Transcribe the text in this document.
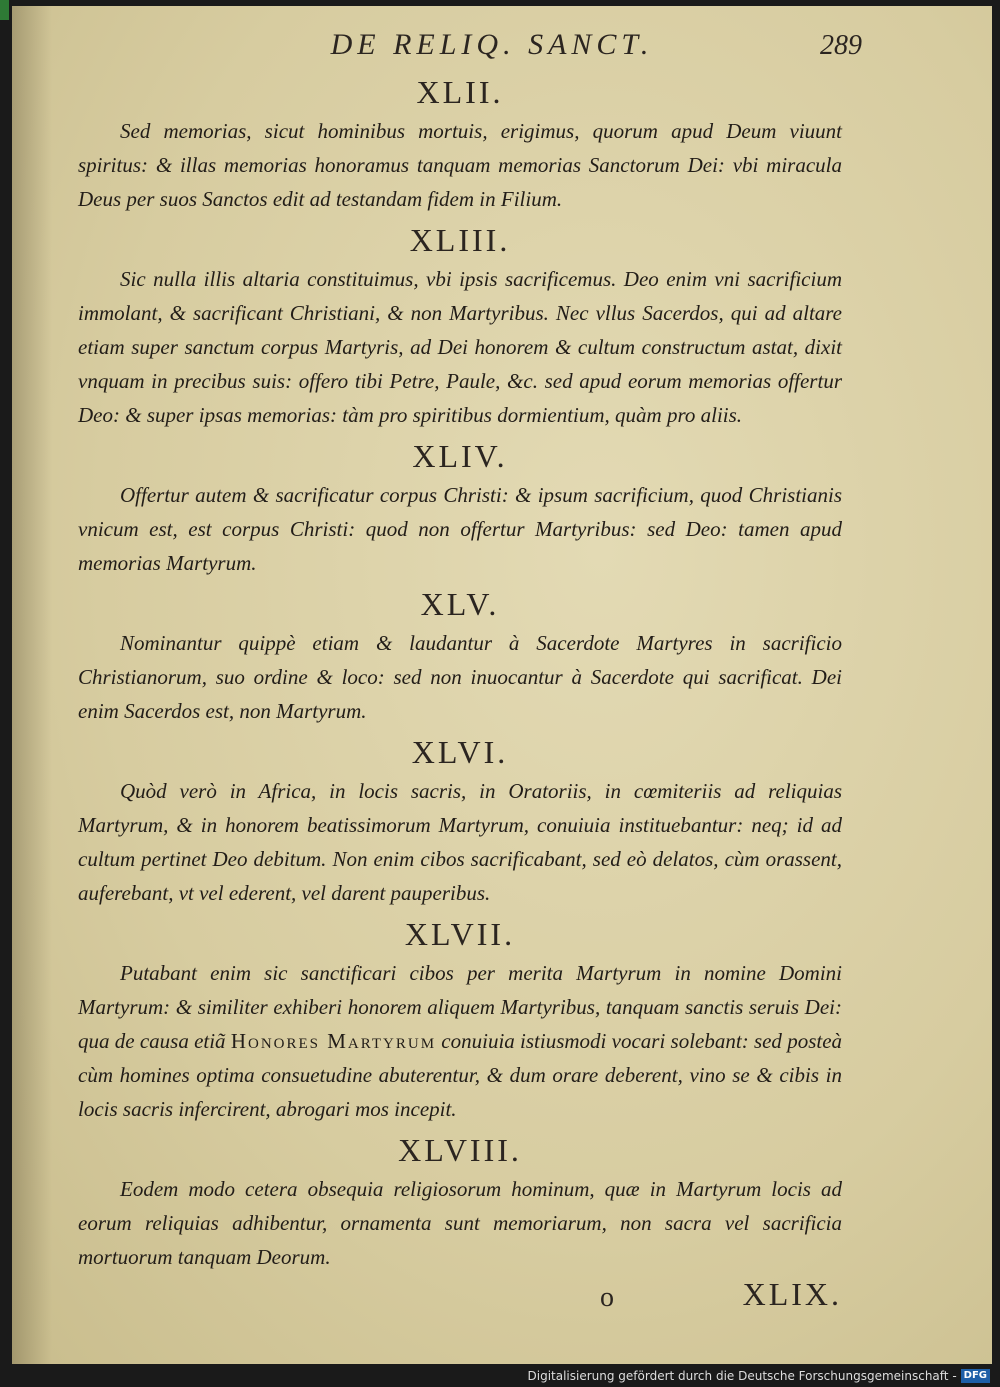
DE RELIQ. SANCT.	289
XLII.

Sed memorias, sicut hominibus mortuis, erigimus, quorum apud Deum viuunt spiritus: & illas memorias honoramus tanquam memorias Sanctorum Dei: vbi miracula Deus per suos Sanctos edit ad testandam fidem in Filium.

XLIII.

Sic nulla illis altaria constituimus, vbi ipsis sacrificemus. Deo enim vni sacrificium immolant, & sacrificant Christiani, & non Martyribus. Nec vllus Sacerdos, qui ad altare etiam super sanctum corpus Martyris, ad Dei honorem & cultum constructum astat, dixit vnquam in precibus suis: offero tibi Petre, Paule, &c. sed apud eorum memorias offertur Deo: & super ipsas memorias: tàm pro spiritibus dormientium, quàm pro aliis.

XLIV.

Offertur autem & sacrificatur corpus Christi: & ipsum sacrificium, quod Christianis vnicum est, est corpus Christi: quod non offertur Martyribus: sed Deo: tamen apud memorias Martyrum.

XLV.

Nominantur quippè etiam & laudantur à Sacerdote Martyres in sacrificio Christianorum, suo ordine & loco: sed non inuocantur à Sacerdote qui sacrificat. Dei enim Sacerdos est, non Martyrum.

XLVI.

Quòd verò in Africa, in locis sacris, in Oratoriis, in cœmiteriis ad reliquias Martyrum, & in honorem beatissimorum Martyrum, conuiuia instituebantur: neq; id ad cultum pertinet Deo debitum. Non enim cibos sacrificabant, sed eò delatos, cùm orassent, auferebant, vt vel ederent, vel darent pauperibus.

XLVII.

Putabant enim sic sanctificari cibos per merita Martyrum in nomine Domini Martyrum: & similiter exhiberi honorem aliquem Martyribus, tanquam sanctis seruis Dei: qua de causa etiã Honores Martyrum conuiuia istiusmodi vocari solebant: sed posteà cùm homines optima consuetudine abuterentur, & dum orare deberent, vino se & cibis in locis sacris infercirent, abrogari mos incepit.

XLVIII.

Eodem modo cetera obsequia religiosorum hominum, quæ in Martyrum locis ad eorum reliquias adhibentur, ornamenta sunt memoriarum, non sacra vel sacrificia mortuorum tanquam Deorum.

o	XLIX.
Digitalisierung gefördert durch die Deutsche Forschungsgemeinschaft - DFG
